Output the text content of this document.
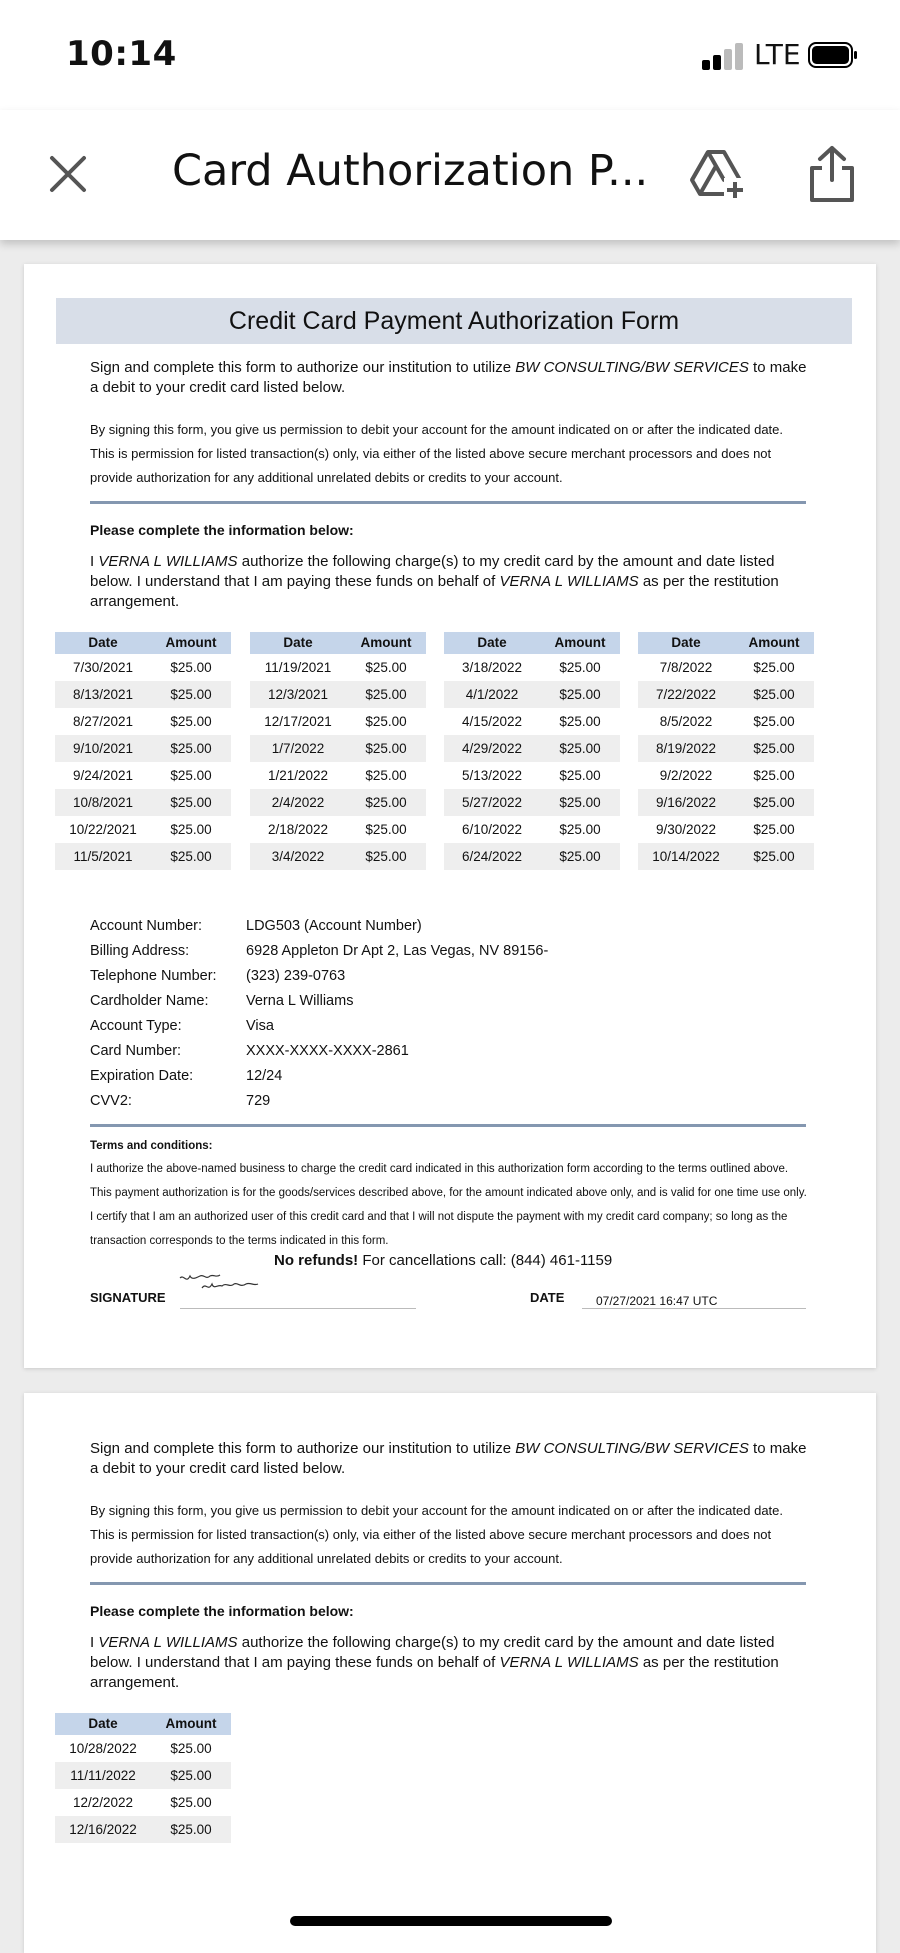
10:14	LTE
Card Authorization P...
Credit Card Payment Authorization Form
Sign and complete this form to authorize our institution to utilize BW CONSULTING/BW SERVICES to make a debit to your credit card listed below.
By signing this form, you give us permission to debit your account for the amount indicated on or after the indicated date. This is permission for listed transaction(s) only, via either of the listed above secure merchant processors and does not provide authorization for any additional unrelated debits or credits to your account.
Please complete the information below:
I VERNA L WILLIAMS authorize the following charge(s) to my credit card by the amount and date listed below. I understand that I am paying these funds on behalf of VERNA L WILLIAMS as per the restitution arrangement.
Date	Amount
7/30/2021	$25.00
8/13/2021	$25.00
8/27/2021	$25.00
9/10/2021	$25.00
9/24/2021	$25.00
10/8/2021	$25.00
10/22/2021	$25.00
11/5/2021	$25.00
Date	Amount
11/19/2021	$25.00
12/3/2021	$25.00
12/17/2021	$25.00
1/7/2022	$25.00
1/21/2022	$25.00
2/4/2022	$25.00
2/18/2022	$25.00
3/4/2022	$25.00
Date	Amount
3/18/2022	$25.00
4/1/2022	$25.00
4/15/2022	$25.00
4/29/2022	$25.00
5/13/2022	$25.00
5/27/2022	$25.00
6/10/2022	$25.00
6/24/2022	$25.00
Date	Amount
7/8/2022	$25.00
7/22/2022	$25.00
8/5/2022	$25.00
8/19/2022	$25.00
9/2/2022	$25.00
9/16/2022	$25.00
9/30/2022	$25.00
10/14/2022	$25.00
Account Number:	LDG503 (Account Number)
Billing Address:	6928 Appleton Dr Apt 2, Las Vegas, NV 89156-
Telephone Number:	(323) 239-0763
Cardholder Name:	Verna L Williams
Account Type:	Visa
Card Number:	XXXX-XXXX-XXXX-2861
Expiration Date:	12/24
CVV2:	729
Terms and conditions:
I authorize the above-named business to charge the credit card indicated in this authorization form according to the terms outlined above. This payment authorization is for the goods/services described above, for the amount indicated above only, and is valid for one time use only. I certify that I am an authorized user of this credit card and that I will not dispute the payment with my credit card company; so long as the transaction corresponds to the terms indicated in this form.
No refunds! For cancellations call: (844) 461-1159
SIGNATURE	DATE	07/27/2021 16:47 UTC
Sign and complete this form to authorize our institution to utilize BW CONSULTING/BW SERVICES to make a debit to your credit card listed below.
By signing this form, you give us permission to debit your account for the amount indicated on or after the indicated date. This is permission for listed transaction(s) only, via either of the listed above secure merchant processors and does not provide authorization for any additional unrelated debits or credits to your account.
Please complete the information below:
I VERNA L WILLIAMS authorize the following charge(s) to my credit card by the amount and date listed below. I understand that I am paying these funds on behalf of VERNA L WILLIAMS as per the restitution arrangement.
Date	Amount
10/28/2022	$25.00
11/11/2022	$25.00
12/2/2022	$25.00
12/16/2022	$25.00
